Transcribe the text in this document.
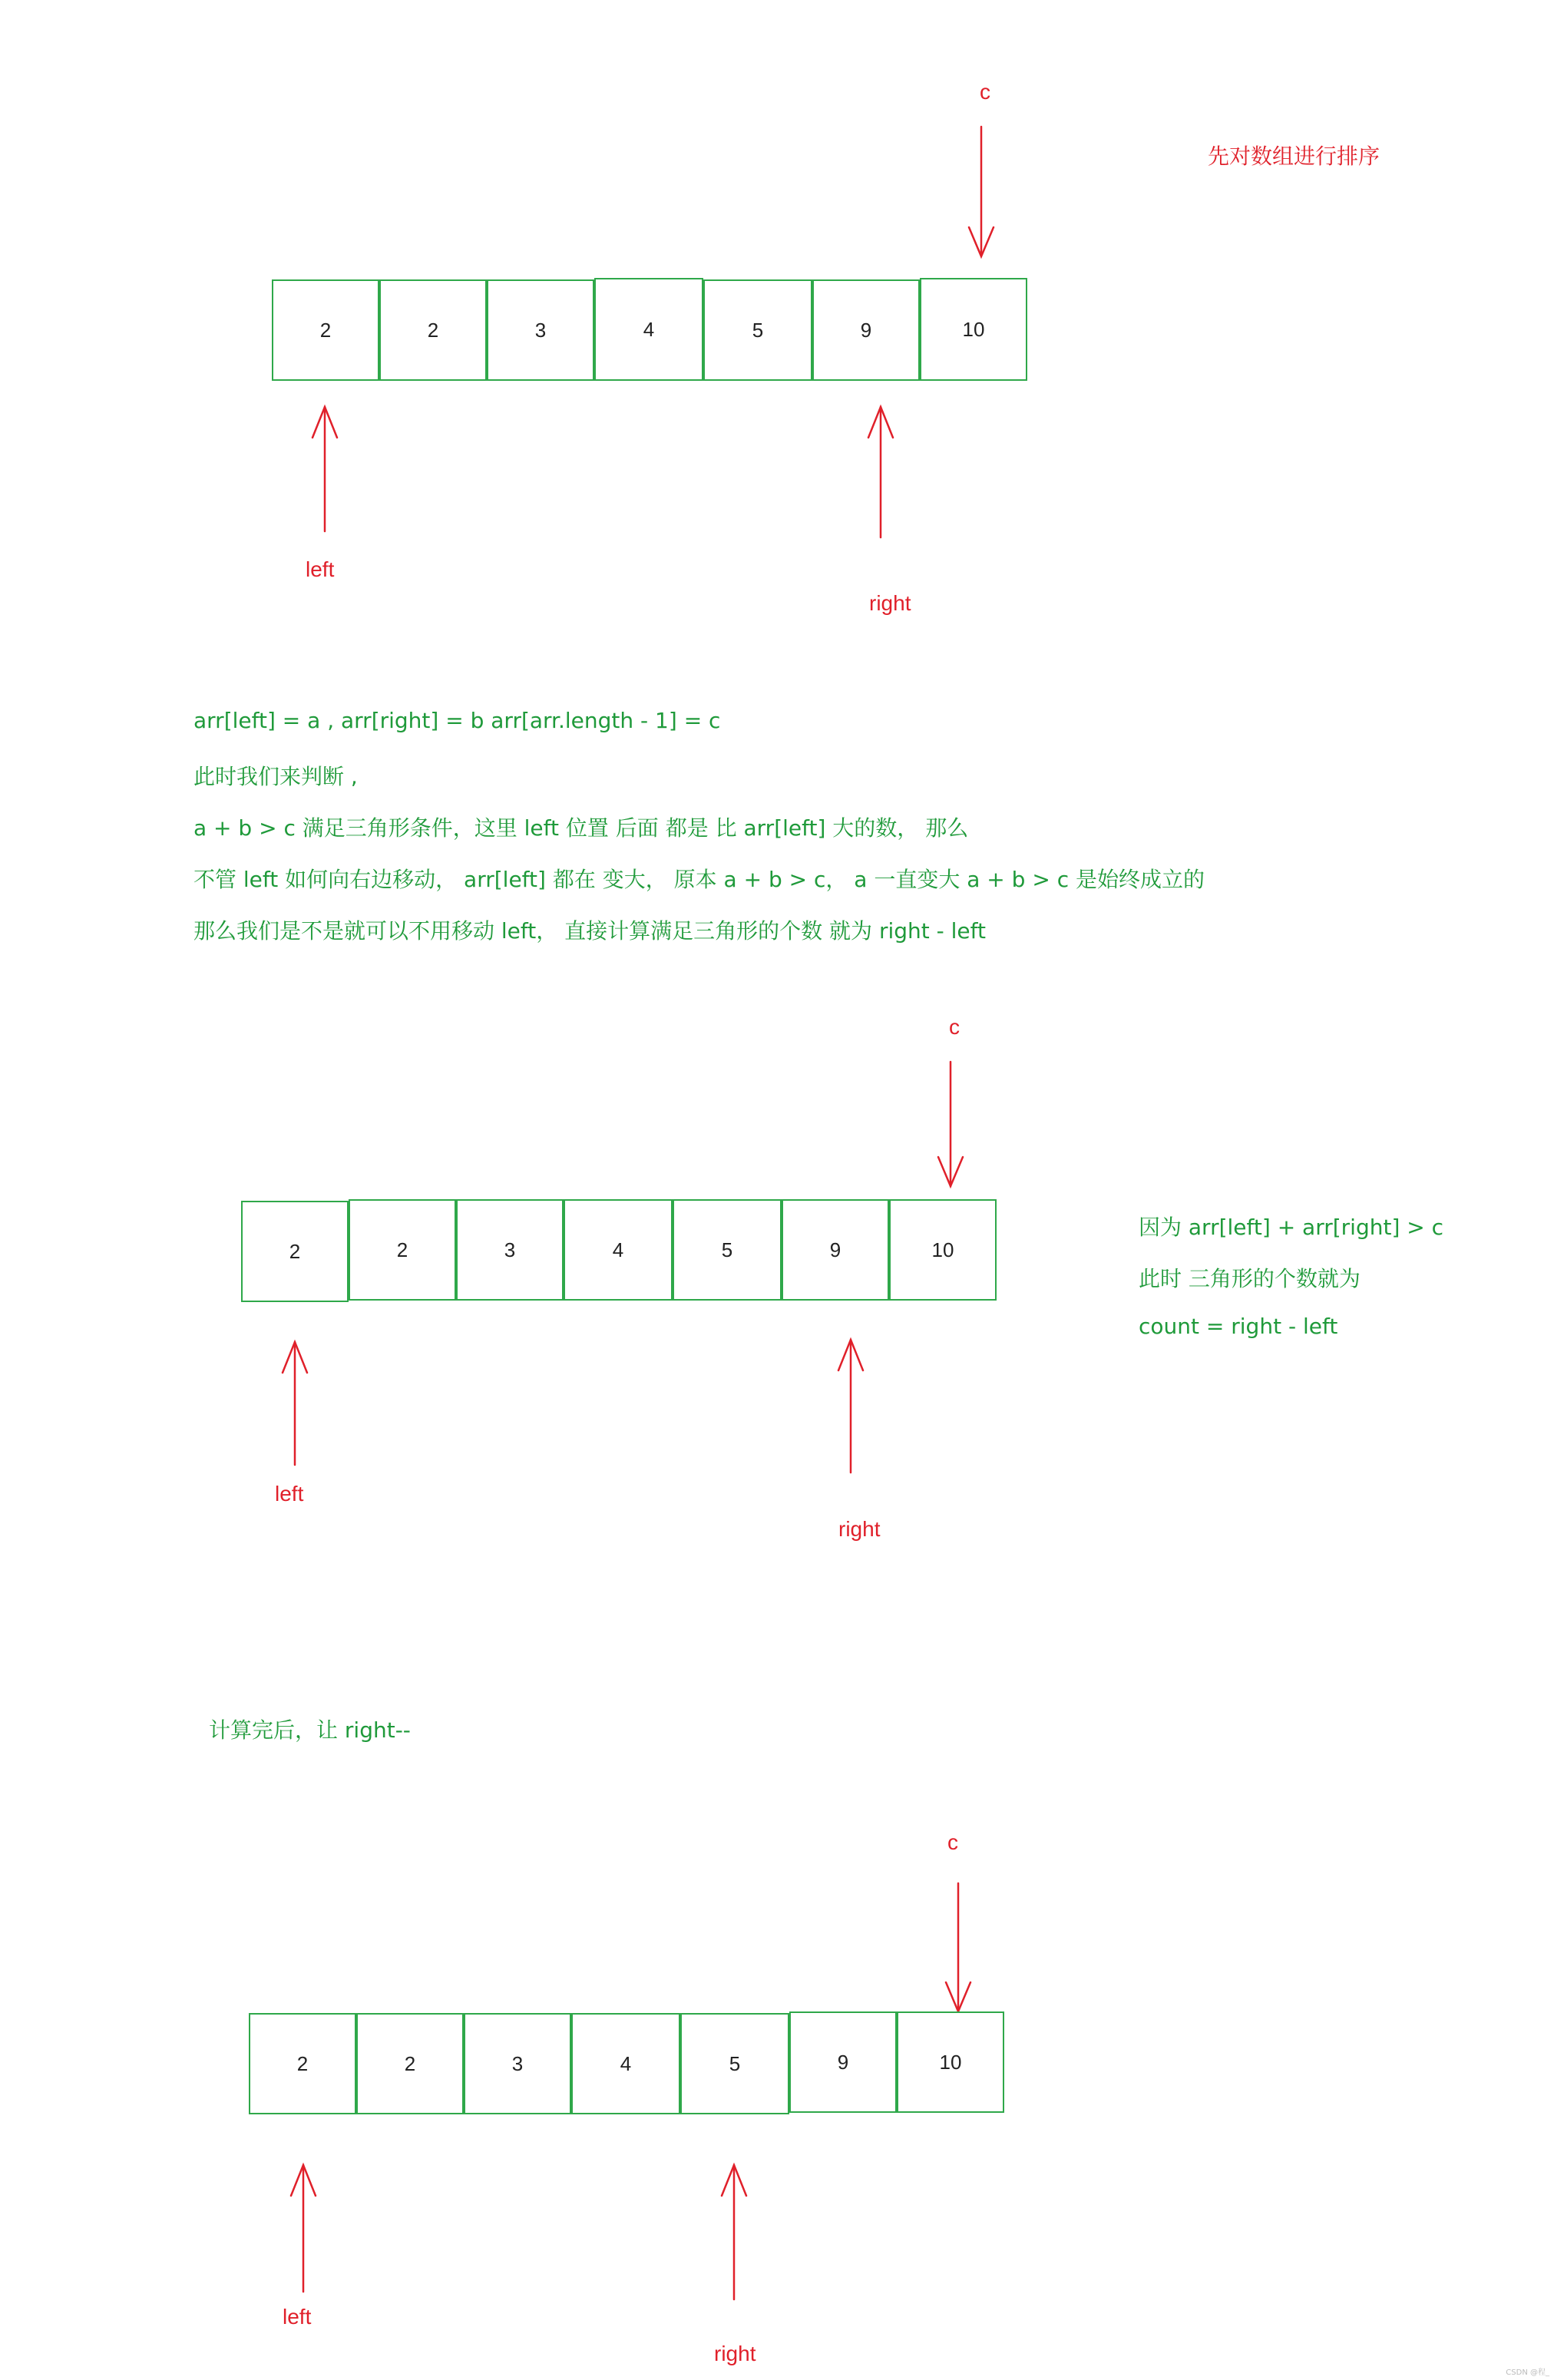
先对数组进行排序
c
2	2	3	4	5	9	10
left
right
arr[left] = a , arr[right] = b arr[arr.length - 1] = c
此时我们来判断 ,
a + b > c 满足三角形条件，这里 left 位置 后面 都是 比 arr[left] 大的数， 那么
不管 left 如何向右边移动， arr[left] 都在 变大， 原本 a + b > c， a 一直变大 a + b > c 是始终成立的
那么我们是不是就可以不用移动 left， 直接计算满足三角形的个数 就为 right - left
c
2	2	3	4	5	9	10
left
right
因为 arr[left] + arr[right] > c
此时 三角形的个数就为
count = right - left
计算完后，让 right--
c
2	2	3	4	5	9	10
left
right
CSDN @程_
